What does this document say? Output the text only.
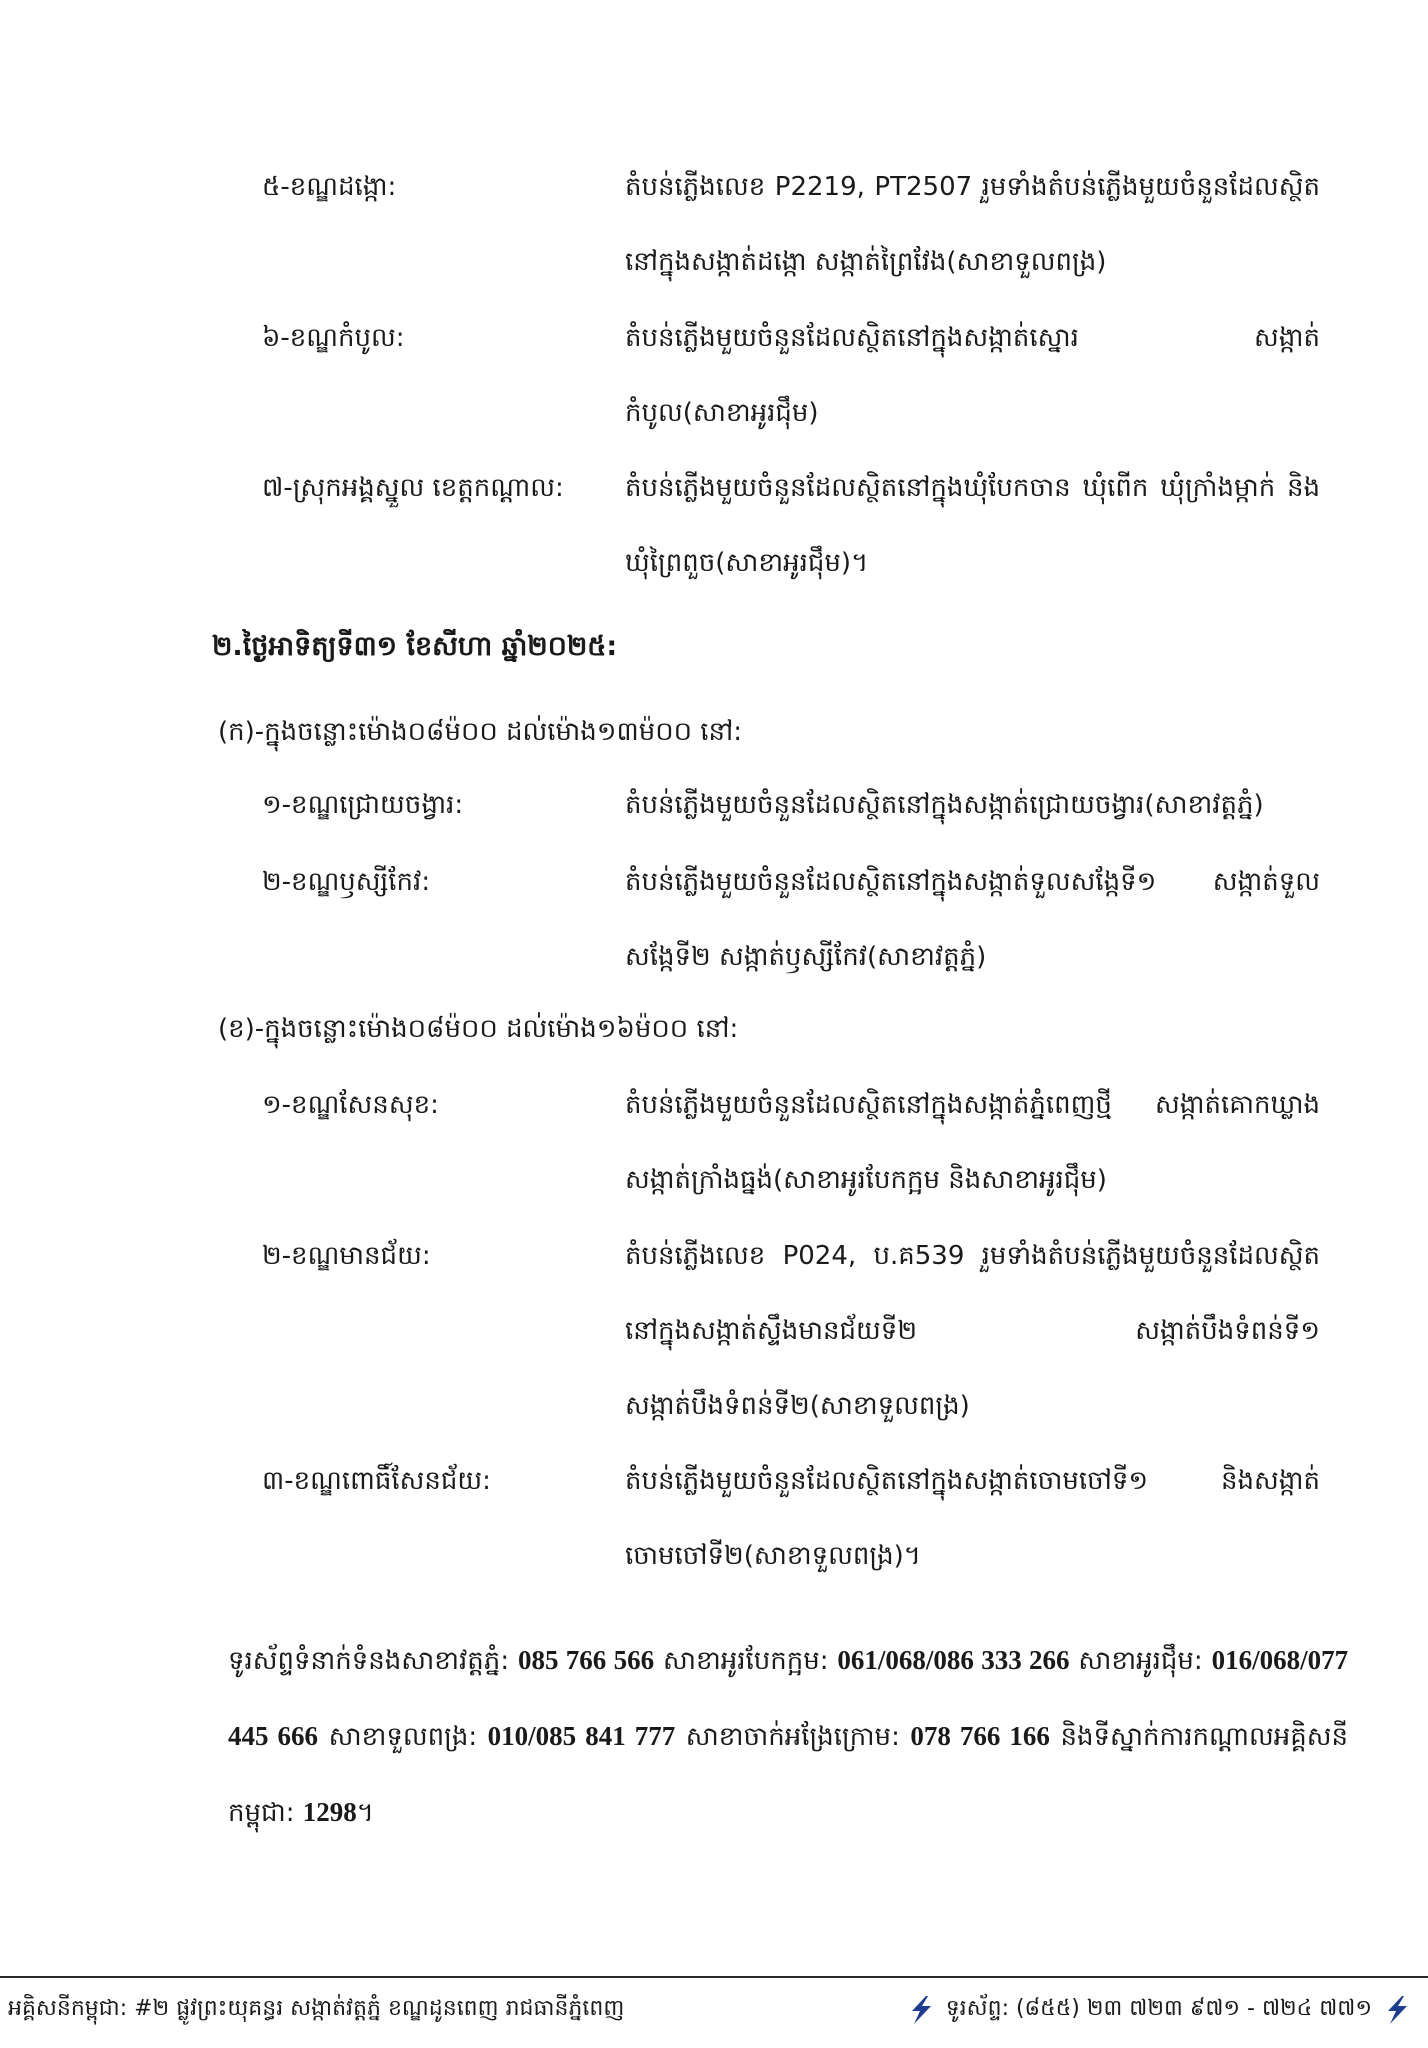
៥-ខណ្ឌដង្កោ:	តំបន់ភ្លើងលេខ P2219, PT2507 រួមទាំងតំបន់ភ្លើងមួយចំនួនដែលស្ថិតនៅក្នុងសង្កាត់ដង្កោ សង្កាត់ព្រៃវែង(សាខាទួលពង្រ)
៦-ខណ្ឌកំបូល:	តំបន់ភ្លើងមួយចំនួនដែលស្ថិតនៅក្នុងសង្កាត់ស្នោរ សង្កាត់កំបូល(សាខាអូរជ៉ឹម)
៧-ស្រុកអង្គស្នួល ខេត្តកណ្តាល: តំបន់ភ្លើងមួយចំនួនដែលស្ថិតនៅក្នុងឃុំបែកចាន ឃុំពើក ឃុំក្រាំងម្កាក់ និងឃុំព្រៃពួច(សាខាអូរជ៉ឹម)។
២.ថ្ងៃអាទិត្យទី៣១ ខែសីហា ឆ្នាំ២០២៥:
(ក)-ក្នុងចន្លោះម៉ោង០៨ម៉០០ ដល់ម៉ោង១៣ម៉០០ នៅ:
១-ខណ្ឌជ្រោយចង្វារ:	តំបន់ភ្លើងមួយចំនួនដែលស្ថិតនៅក្នុងសង្កាត់ជ្រោយចង្វារ(សាខាវត្តភ្នំ)
២-ខណ្ឌឫស្សីកែវ:	តំបន់ភ្លើងមួយចំនួនដែលស្ថិតនៅក្នុងសង្កាត់ទួលសង្កែទី១ សង្កាត់ទួលសង្កែទី២ សង្កាត់ឫស្សីកែវ(សាខាវត្តភ្នំ)
(ខ)-ក្នុងចន្លោះម៉ោង០៨ម៉០០ ដល់ម៉ោង១៦ម៉០០ នៅ:
១-ខណ្ឌសែនសុខ:	តំបន់ភ្លើងមួយចំនួនដែលស្ថិតនៅក្នុងសង្កាត់ភ្នំពេញថ្មី សង្កាត់គោកឃ្លាង សង្កាត់ក្រាំងធ្នង់(សាខាអូរបែកក្អម និងសាខាអូរជ៉ឹម)
២-ខណ្ឌមានជ័យ:	តំបន់ភ្លើងលេខ P024, ប.គ539 រួមទាំងតំបន់ភ្លើងមួយចំនួនដែលស្ថិតនៅក្នុងសង្កាត់ស្ទឹងមានជ័យទី២ សង្កាត់បឹងទំពន់ទី១ សង្កាត់បឹងទំពន់ទី២(សាខាទួលពង្រ)
៣-ខណ្ឌពោធិ៍សែនជ័យ:	តំបន់ភ្លើងមួយចំនួនដែលស្ថិតនៅក្នុងសង្កាត់ចោមចៅទី១ និងសង្កាត់ចោមចៅទី២(សាខាទួលពង្រ)។
ទូរស័ព្ទទំនាក់ទំនងសាខាវត្តភ្នំ: 085 766 566 សាខាអូរបែកក្អម: 061/068/086 333 266 សាខាអូរជ៉ឹម: 016/068/077 445 666 សាខាទួលពង្រ: 010/085 841 777 សាខាចាក់អង្រែក្រោម: 078 766 166 និងទីស្នាក់ការកណ្តាលអគ្គិសនីកម្ពុជា: 1298។
អគ្គិសនីកម្ពុជា: #២ ផ្លូវព្រះយុគន្ធរ សង្កាត់វត្តភ្នំ ខណ្ឌដូនពេញ រាជធានីភ្នំពេញ	ទូរស័ព្ទ: (៨៥៥) ២៣ ៧២៣ ៩៧១ - ៧២៤ ៧៧១
